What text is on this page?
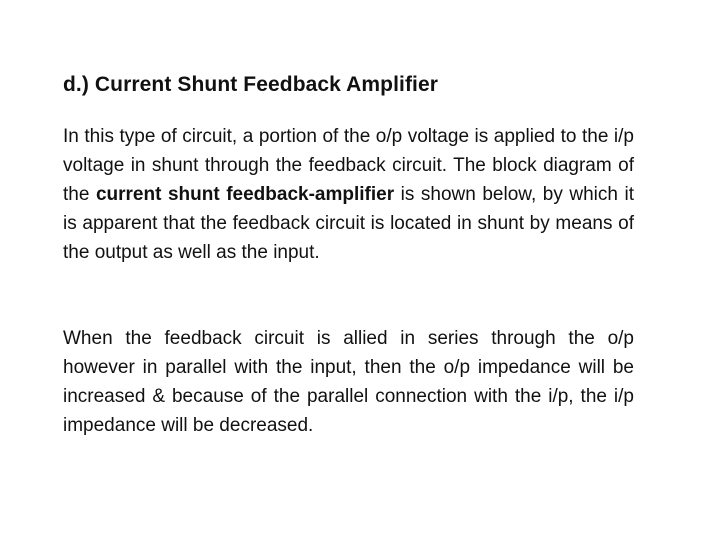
d.) Current Shunt Feedback Amplifier

In this type of circuit, a portion of the o/p voltage is applied to the i/p voltage in shunt through the feedback circuit. The block diagram of the current shunt feedback-amplifier is shown below, by which it is apparent that the feedback circuit is located in shunt by means of the output as well as the input.

When the feedback circuit is allied in series through the o/p however in parallel with the input, then the o/p impedance will be increased & because of the parallel connection with the i/p, the i/p impedance will be decreased.
